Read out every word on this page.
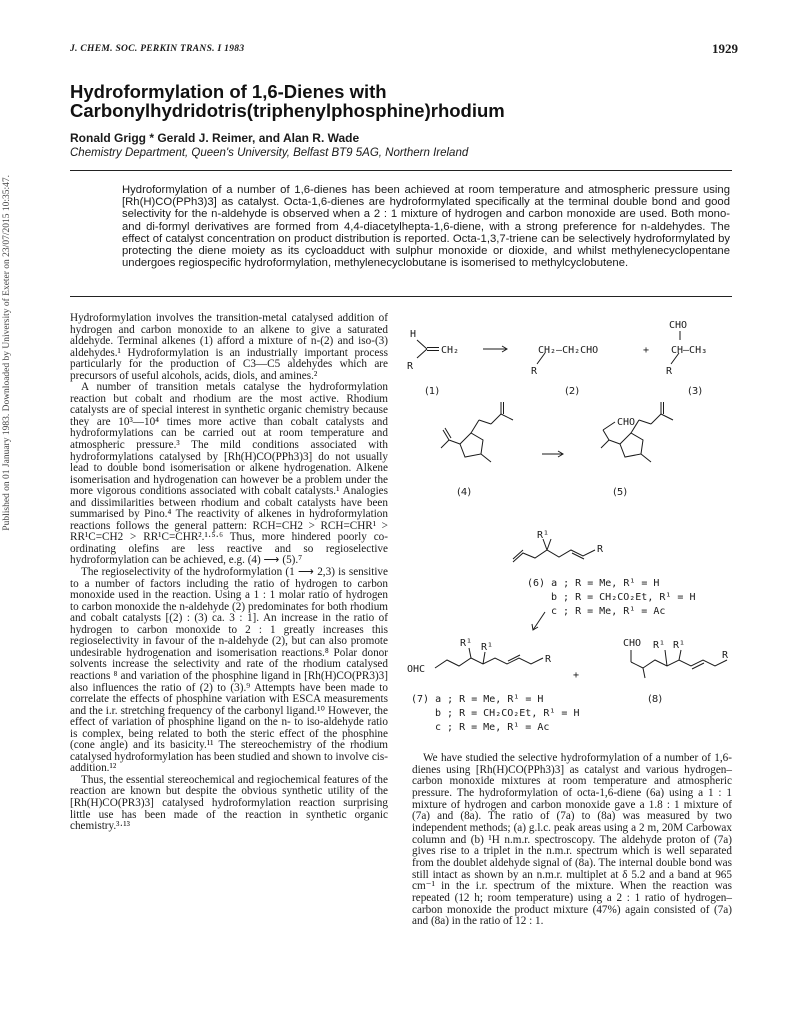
Published on 01 January 1983. Downloaded by University of Exeter on 23/07/2015 10:35:47.
J. CHEM. SOC. PERKIN TRANS. I 1983	1929
Hydroformylation of 1,6-Dienes with
Carbonylhydridotris(triphenylphosphine)rhodium
Ronald Grigg * Gerald J. Reimer, and Alan R. Wade
Chemistry Department, Queen's University, Belfast BT9 5AG, Northern Ireland
Hydroformylation of a number of 1,6-dienes has been achieved at room temperature and atmospheric pressure using [Rh(H)CO(PPh3)3] as catalyst. Octa-1,6-dienes are hydroformylated specifically at the terminal double bond and good selectivity for the n-aldehyde is observed when a 2 : 1 mixture of hydrogen and carbon monoxide are used. Both mono- and di-formyl derivatives are formed from 4,4-diacetylhepta-1,6-diene, with a strong preference for n-aldehydes. The effect of catalyst concentration on product distribution is reported. Octa-1,3,7-triene can be selectively hydroformylated by protecting the diene moiety as its cycloadduct with sulphur monoxide or dioxide, and whilst methylenecyclopentane undergoes regiospecific hydroformylation, methylenecyclobutane is isomerised to methylcyclobutene.

Hydroformylation involves the transition-metal catalysed addition of hydrogen and carbon monoxide to an alkene to give a saturated aldehyde. Terminal alkenes (1) afford a mixture of n-(2) and iso-(3) aldehydes.¹ Hydroformylation is an industrially important process particularly for the production of C3—C5 aldehydes which are precursors of useful alcohols, acids, diols, and amines.²

A number of transition metals catalyse the hydroformylation reaction but cobalt and rhodium are the most active. Rhodium catalysts are of special interest in synthetic organic chemistry because they are 10³—10⁴ times more active than cobalt catalysts and hydroformylations can be carried out at room temperature and atmospheric pressure.³ The mild conditions associated with hydroformylations catalysed by [Rh(H)CO(PPh3)3] do not usually lead to double bond isomerisation or alkene hydrogenation. Alkene isomerisation and hydrogenation can however be a problem under the more vigorous conditions associated with cobalt catalysts.¹ Analogies and dissimilarities between rhodium and cobalt catalysts have been summarised by Pino.⁴ The reactivity of alkenes in hydroformylation reactions follows the general pattern: RCH=CH2 > RCH=CHR¹ > RR¹C=CH2 > RR¹C=CHR².¹·⁵·⁶ Thus, more hindered poorly co-ordinating olefins are less reactive and so regioselective hydroformylation can be achieved, e.g. (4) ⟶ (5).⁷

The regioselectivity of the hydroformylation (1 ⟶ 2,3) is sensitive to a number of factors including the ratio of hydrogen to carbon monoxide used in the reaction. Using a 1 : 1 molar ratio of hydrogen to carbon monoxide the n-aldehyde (2) predominates for both rhodium and cobalt catalysts [(2) : (3) ca. 3 : 1]. An increase in the ratio of hydrogen to carbon monoxide to 2 : 1 greatly increases this regioselectivity in favour of the n-aldehyde (2), but can also promote undesirable hydrogenation and isomerisation reactions.⁸ Polar donor solvents increase the selectivity and rate of the rhodium catalysed reactions ⁸ and variation of the phosphine ligand in [Rh(H)CO(PR3)3] also influences the ratio of (2) to (3).⁹ Attempts have been made to correlate the effects of phosphine variation with ESCA measurements and the i.r. stretching frequency of the carbonyl ligand.¹⁰ However, the effect of variation of phosphine ligand on the n- to iso-aldehyde ratio is complex, being related to both the steric effect of the phosphine (cone angle) and its basicity.¹¹ The stereochemistry of the rhodium catalysed hydroformylation has been studied and shown to involve cis-addition.¹²

Thus, the essential stereochemical and regiochemical features of the reaction are known but despite the obvious synthetic utility of the [Rh(H)CO(PR3)3] catalysed hydroformylation reaction surprising little use has been made of the reaction in synthetic organic chemistry.³·¹³

H
R
CH₂	CH₂–CH₂CHO
R
+
CHO
CH–CH₃
R
(1)	(2)	(3)
CHO
(4)	(5)
R¹
R
(6) a ; R = Me, R¹ = H
b ; R = CH₂CO₂Et, R¹ = H
c ; R = Me, R¹ = Ac
OHC
R¹ R¹
R
+
CHO R¹ R¹
R
(7) a ; R = Me, R¹ = H
b ; R = CH₂CO₂Et, R¹ = H
c ; R = Me, R¹ = Ac
(8)

We have studied the selective hydroformylation of a number of 1,6-dienes using [Rh(H)CO(PPh3)3] as catalyst and various hydrogen–carbon monoxide mixtures at room temperature and atmospheric pressure. The hydroformylation of octa-1,6-diene (6a) using a 1 : 1 mixture of hydrogen and carbon monoxide gave a 1.8 : 1 mixture of (7a) and (8a). The ratio of (7a) to (8a) was measured by two independent methods; (a) g.l.c. peak areas using a 2 m, 20M Carbowax column and (b) ¹H n.m.r. spectroscopy. The aldehyde proton of (7a) gives rise to a triplet in the n.m.r. spectrum which is well separated from the doublet aldehyde signal of (8a). The internal double bond was still intact as shown by an n.m.r. multiplet at δ 5.2 and a band at 965 cm⁻¹ in the i.r. spectrum of the mixture. When the reaction was repeated (12 h; room temperature) using a 2 : 1 ratio of hydrogen–carbon monoxide the product mixture (47%) again consisted of (7a) and (8a) in the ratio of 12 : 1.
